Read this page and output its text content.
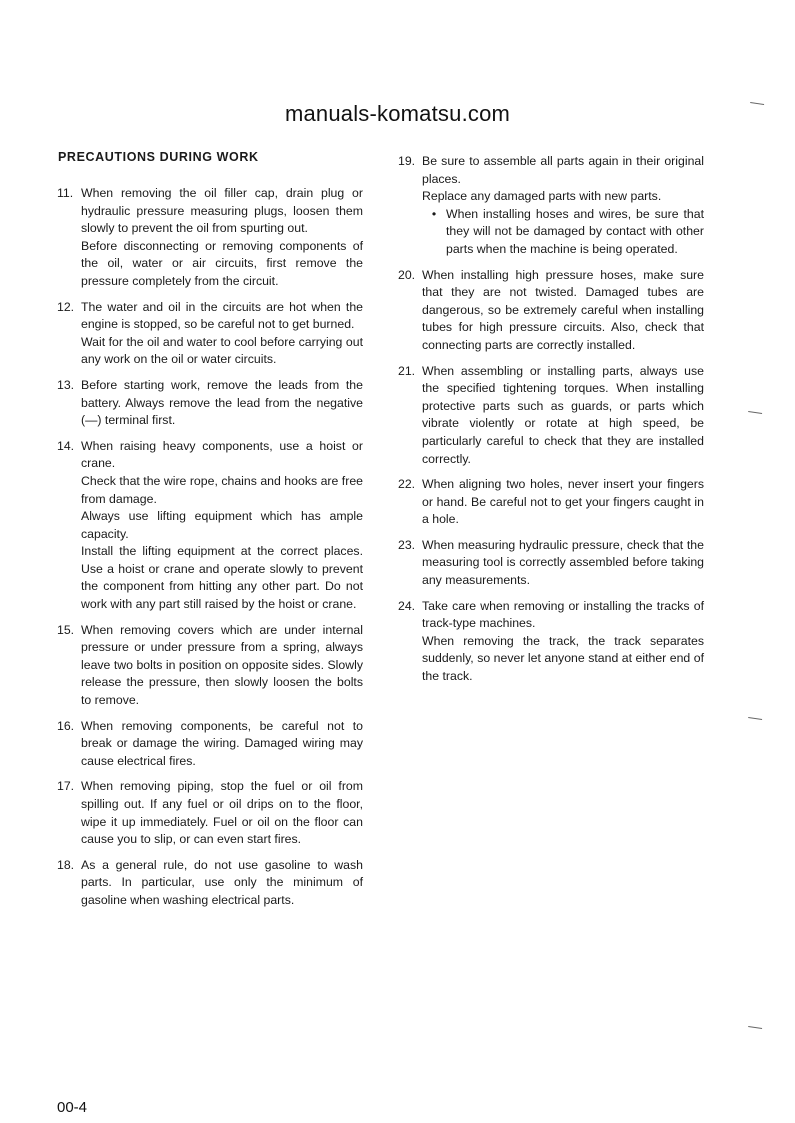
manuals-komatsu.com
PRECAUTIONS DURING WORK
11. When removing the oil filler cap, drain plug or hydraulic pressure measuring plugs, loosen them slowly to prevent the oil from spurting out.

Before disconnecting or removing components of the oil, water or air circuits, first remove the pressure completely from the circuit.

12. The water and oil in the circuits are hot when the engine is stopped, so be careful not to get burned.

Wait for the oil and water to cool before carrying out any work on the oil or water circuits.

13. Before starting work, remove the leads from the battery. Always remove the lead from the negative (—) terminal first.

14. When raising heavy components, use a hoist or crane.

Check that the wire rope, chains and hooks are free from damage.

Always use lifting equipment which has ample capacity.

Install the lifting equipment at the correct places. Use a hoist or crane and operate slowly to prevent the component from hitting any other part. Do not work with any part still raised by the hoist or crane.

15. When removing covers which are under internal pressure or under pressure from a spring, always leave two bolts in position on opposite sides. Slowly release the pressure, then slowly loosen the bolts to remove.

16. When removing components, be careful not to break or damage the wiring. Damaged wiring may cause electrical fires.

17. When removing piping, stop the fuel or oil from spilling out. If any fuel or oil drips on to the floor, wipe it up immediately. Fuel or oil on the floor can cause you to slip, or can even start fires.

18. As a general rule, do not use gasoline to wash parts. In particular, use only the minimum of gasoline when washing electrical parts.

19. Be sure to assemble all parts again in their original places.

Replace any damaged parts with new parts.

• When installing hoses and wires, be sure that they will not be damaged by contact with other parts when the machine is being operated.
20. When installing high pressure hoses, make sure that they are not twisted. Damaged tubes are dangerous, so be extremely careful when installing tubes for high pressure circuits. Also, check that connecting parts are correctly installed.

21. When assembling or installing parts, always use the specified tightening torques. When installing protective parts such as guards, or parts which vibrate violently or rotate at high speed, be particularly careful to check that they are installed correctly.

22. When aligning two holes, never insert your fingers or hand. Be careful not to get your fingers caught in a hole.

23. When measuring hydraulic pressure, check that the measuring tool is correctly assembled before taking any measurements.

24. Take care when removing or installing the tracks of track-type machines.

When removing the track, the track separates suddenly, so never let anyone stand at either end of the track.

00-4
